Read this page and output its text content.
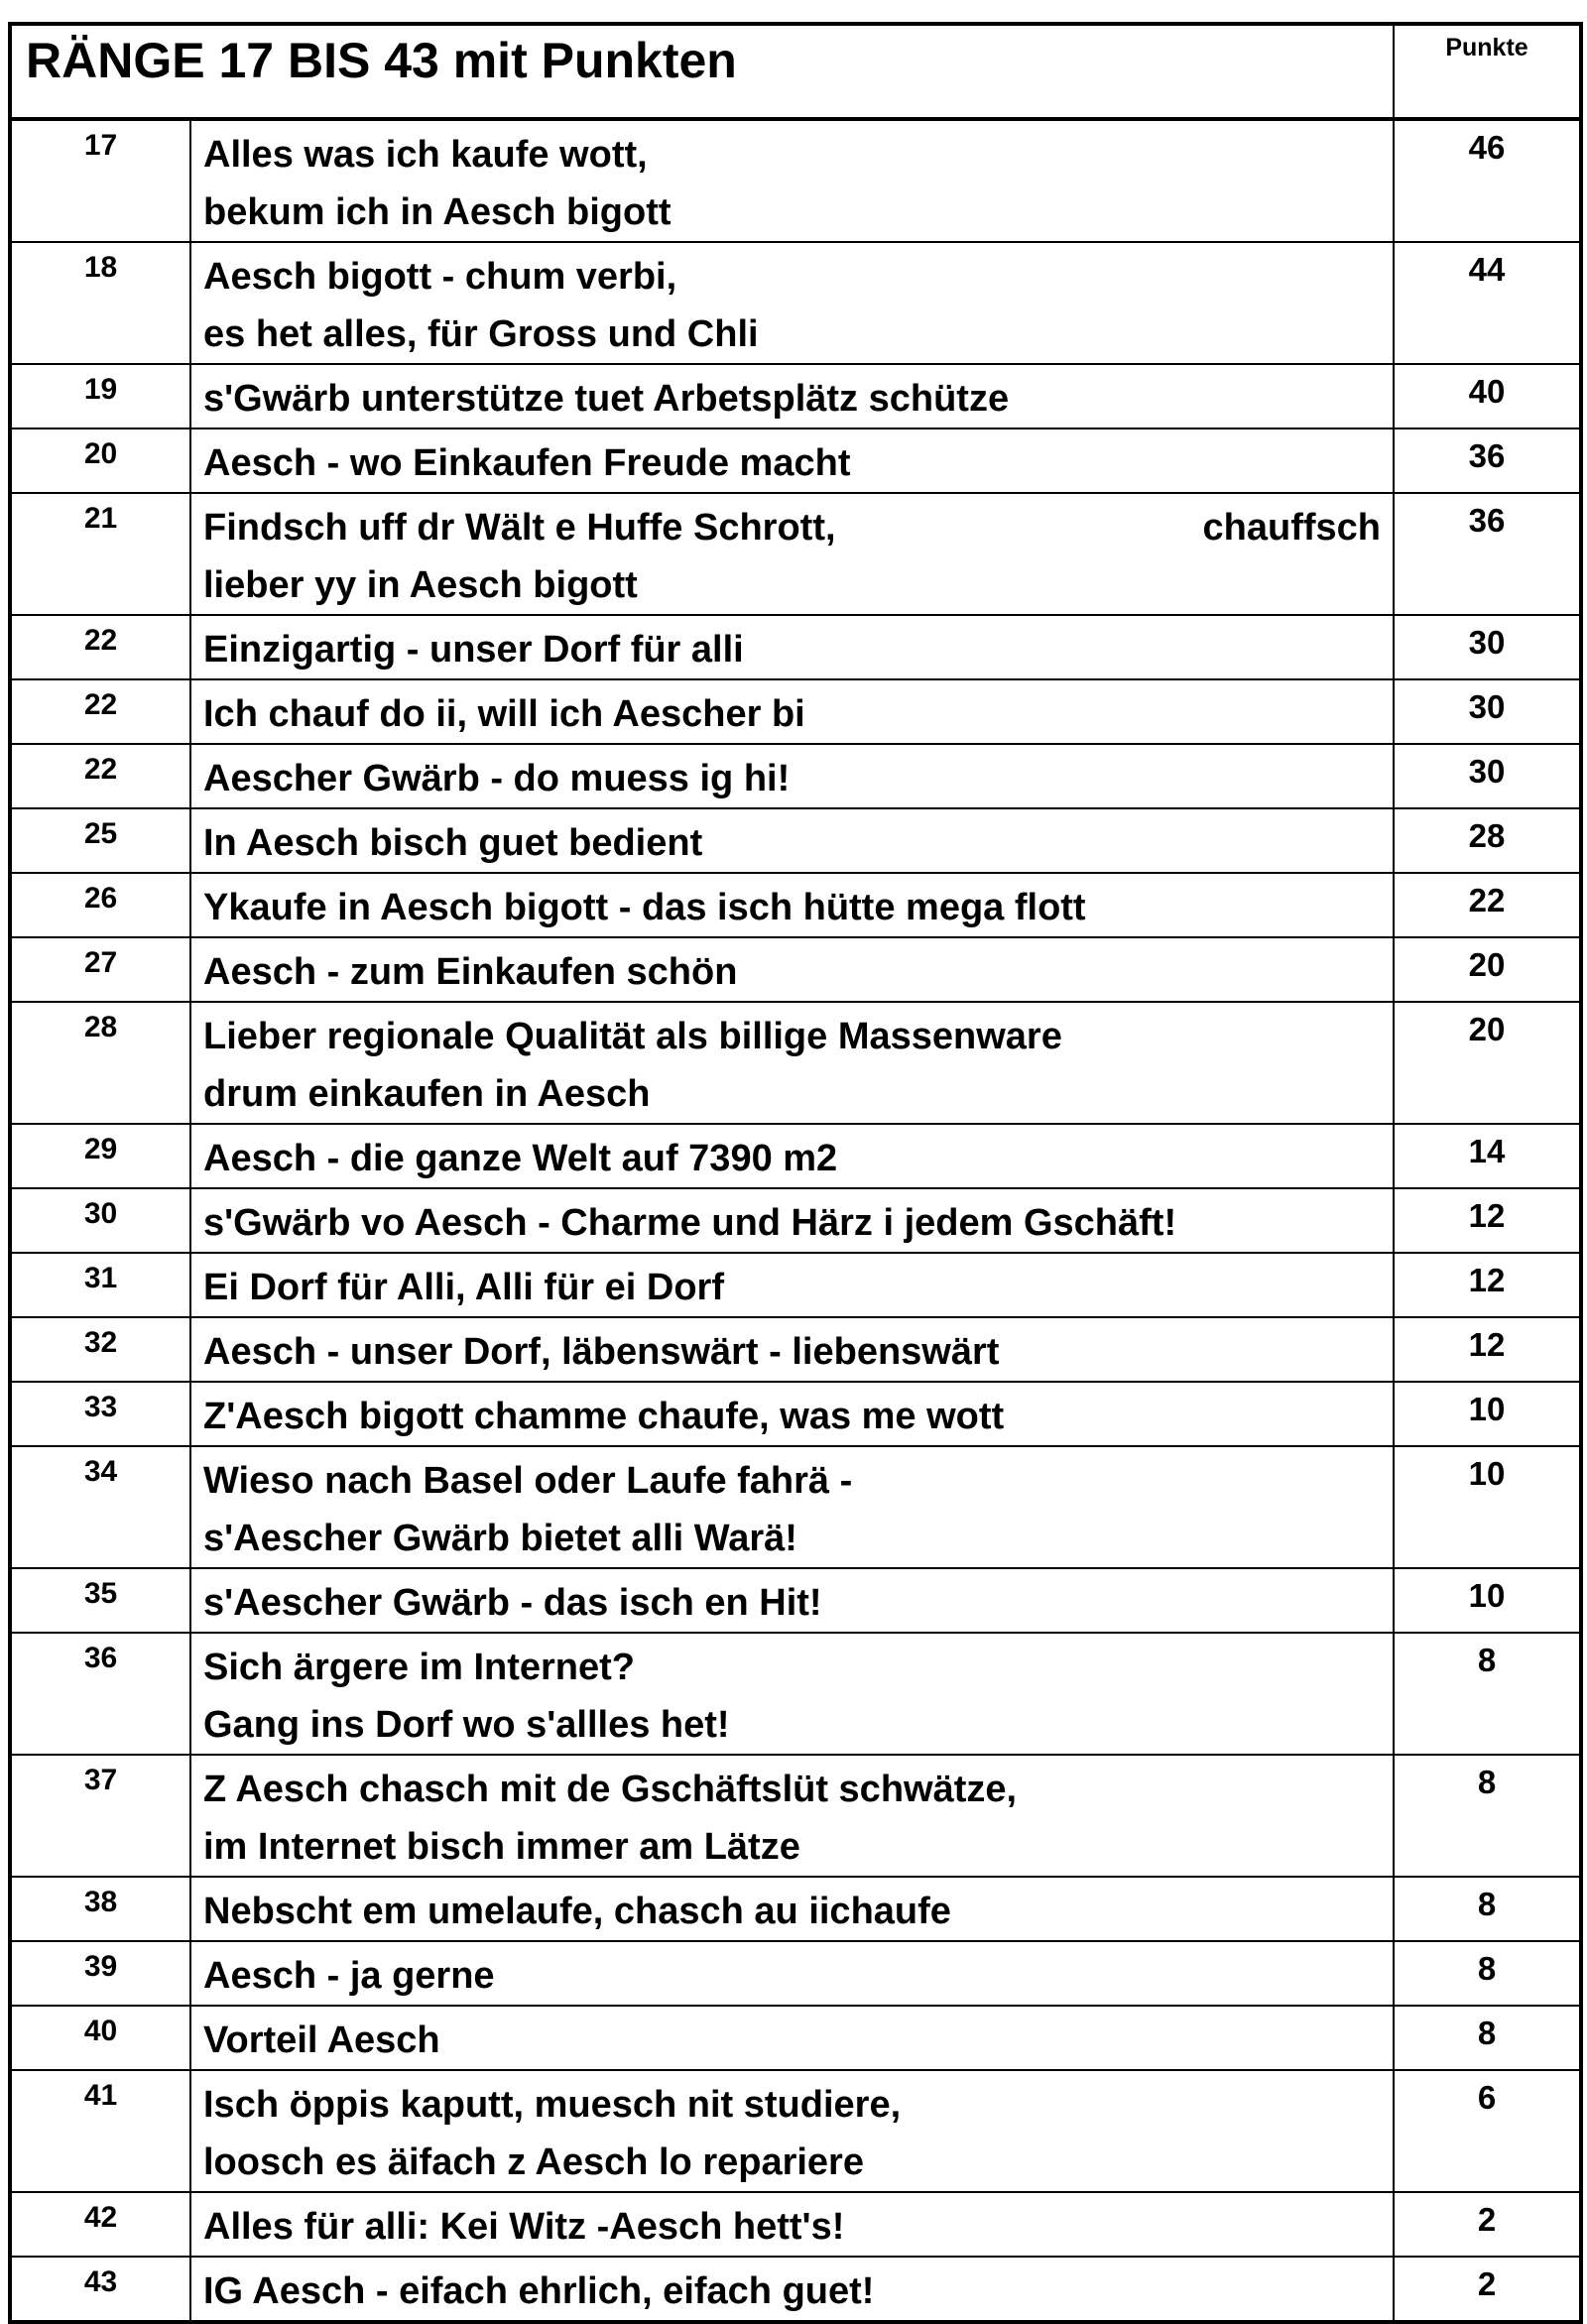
RÄNGE 17 BIS 43 mit Punkten		Punkte
17	Alles was ich kaufe wott,
bekum ich in Aesch bigott	46
18	Aesch bigott - chum verbi,
es het alles, für Gross und Chli	44
19	s'Gwärb unterstütze tuet Arbetsplätz schütze	40
20	Aesch - wo Einkaufen Freude macht	36
21	Findsch uff dr Wält e Huffe Schrott, chauffsch
lieber yy in Aesch bigott	36
22	Einzigartig - unser Dorf für alli	30
22	Ich chauf do ii, will ich Aescher bi	30
22	Aescher Gwärb - do muess ig hi!	30
25	In Aesch bisch guet bedient	28
26	Ykaufe in Aesch bigott - das isch hütte mega flott	22
27	Aesch - zum Einkaufen schön	20
28	Lieber regionale Qualität als billige Massenware
drum einkaufen in Aesch	20
29	Aesch - die ganze Welt auf 7390 m2	14
30	s'Gwärb vo Aesch - Charme und Härz i jedem Gschäft!	12
31	Ei Dorf für Alli, Alli für ei Dorf	12
32	Aesch - unser Dorf, läbenswärt - liebenswärt	12
33	Z'Aesch bigott chamme chaufe, was me wott	10
34	Wieso nach Basel oder Laufe fahrä -
s'Aescher Gwärb bietet alli Warä!	10
35	s'Aescher Gwärb - das isch en Hit!	10
36	Sich ärgere im Internet?
Gang ins Dorf wo s'allles het!	8
37	Z Aesch chasch mit de Gschäftslüt schwätze,
im Internet bisch immer am Lätze	8
38	Nebscht em umelaufe, chasch au iichaufe	8
39	Aesch - ja gerne	8
40	Vorteil Aesch	8
41	Isch öppis kaputt, muesch nit studiere,
loosch es äifach z Aesch lo repariere	6
42	Alles für alli: Kei Witz -Aesch hett's!	2
43	IG Aesch - eifach ehrlich, eifach guet!	2
